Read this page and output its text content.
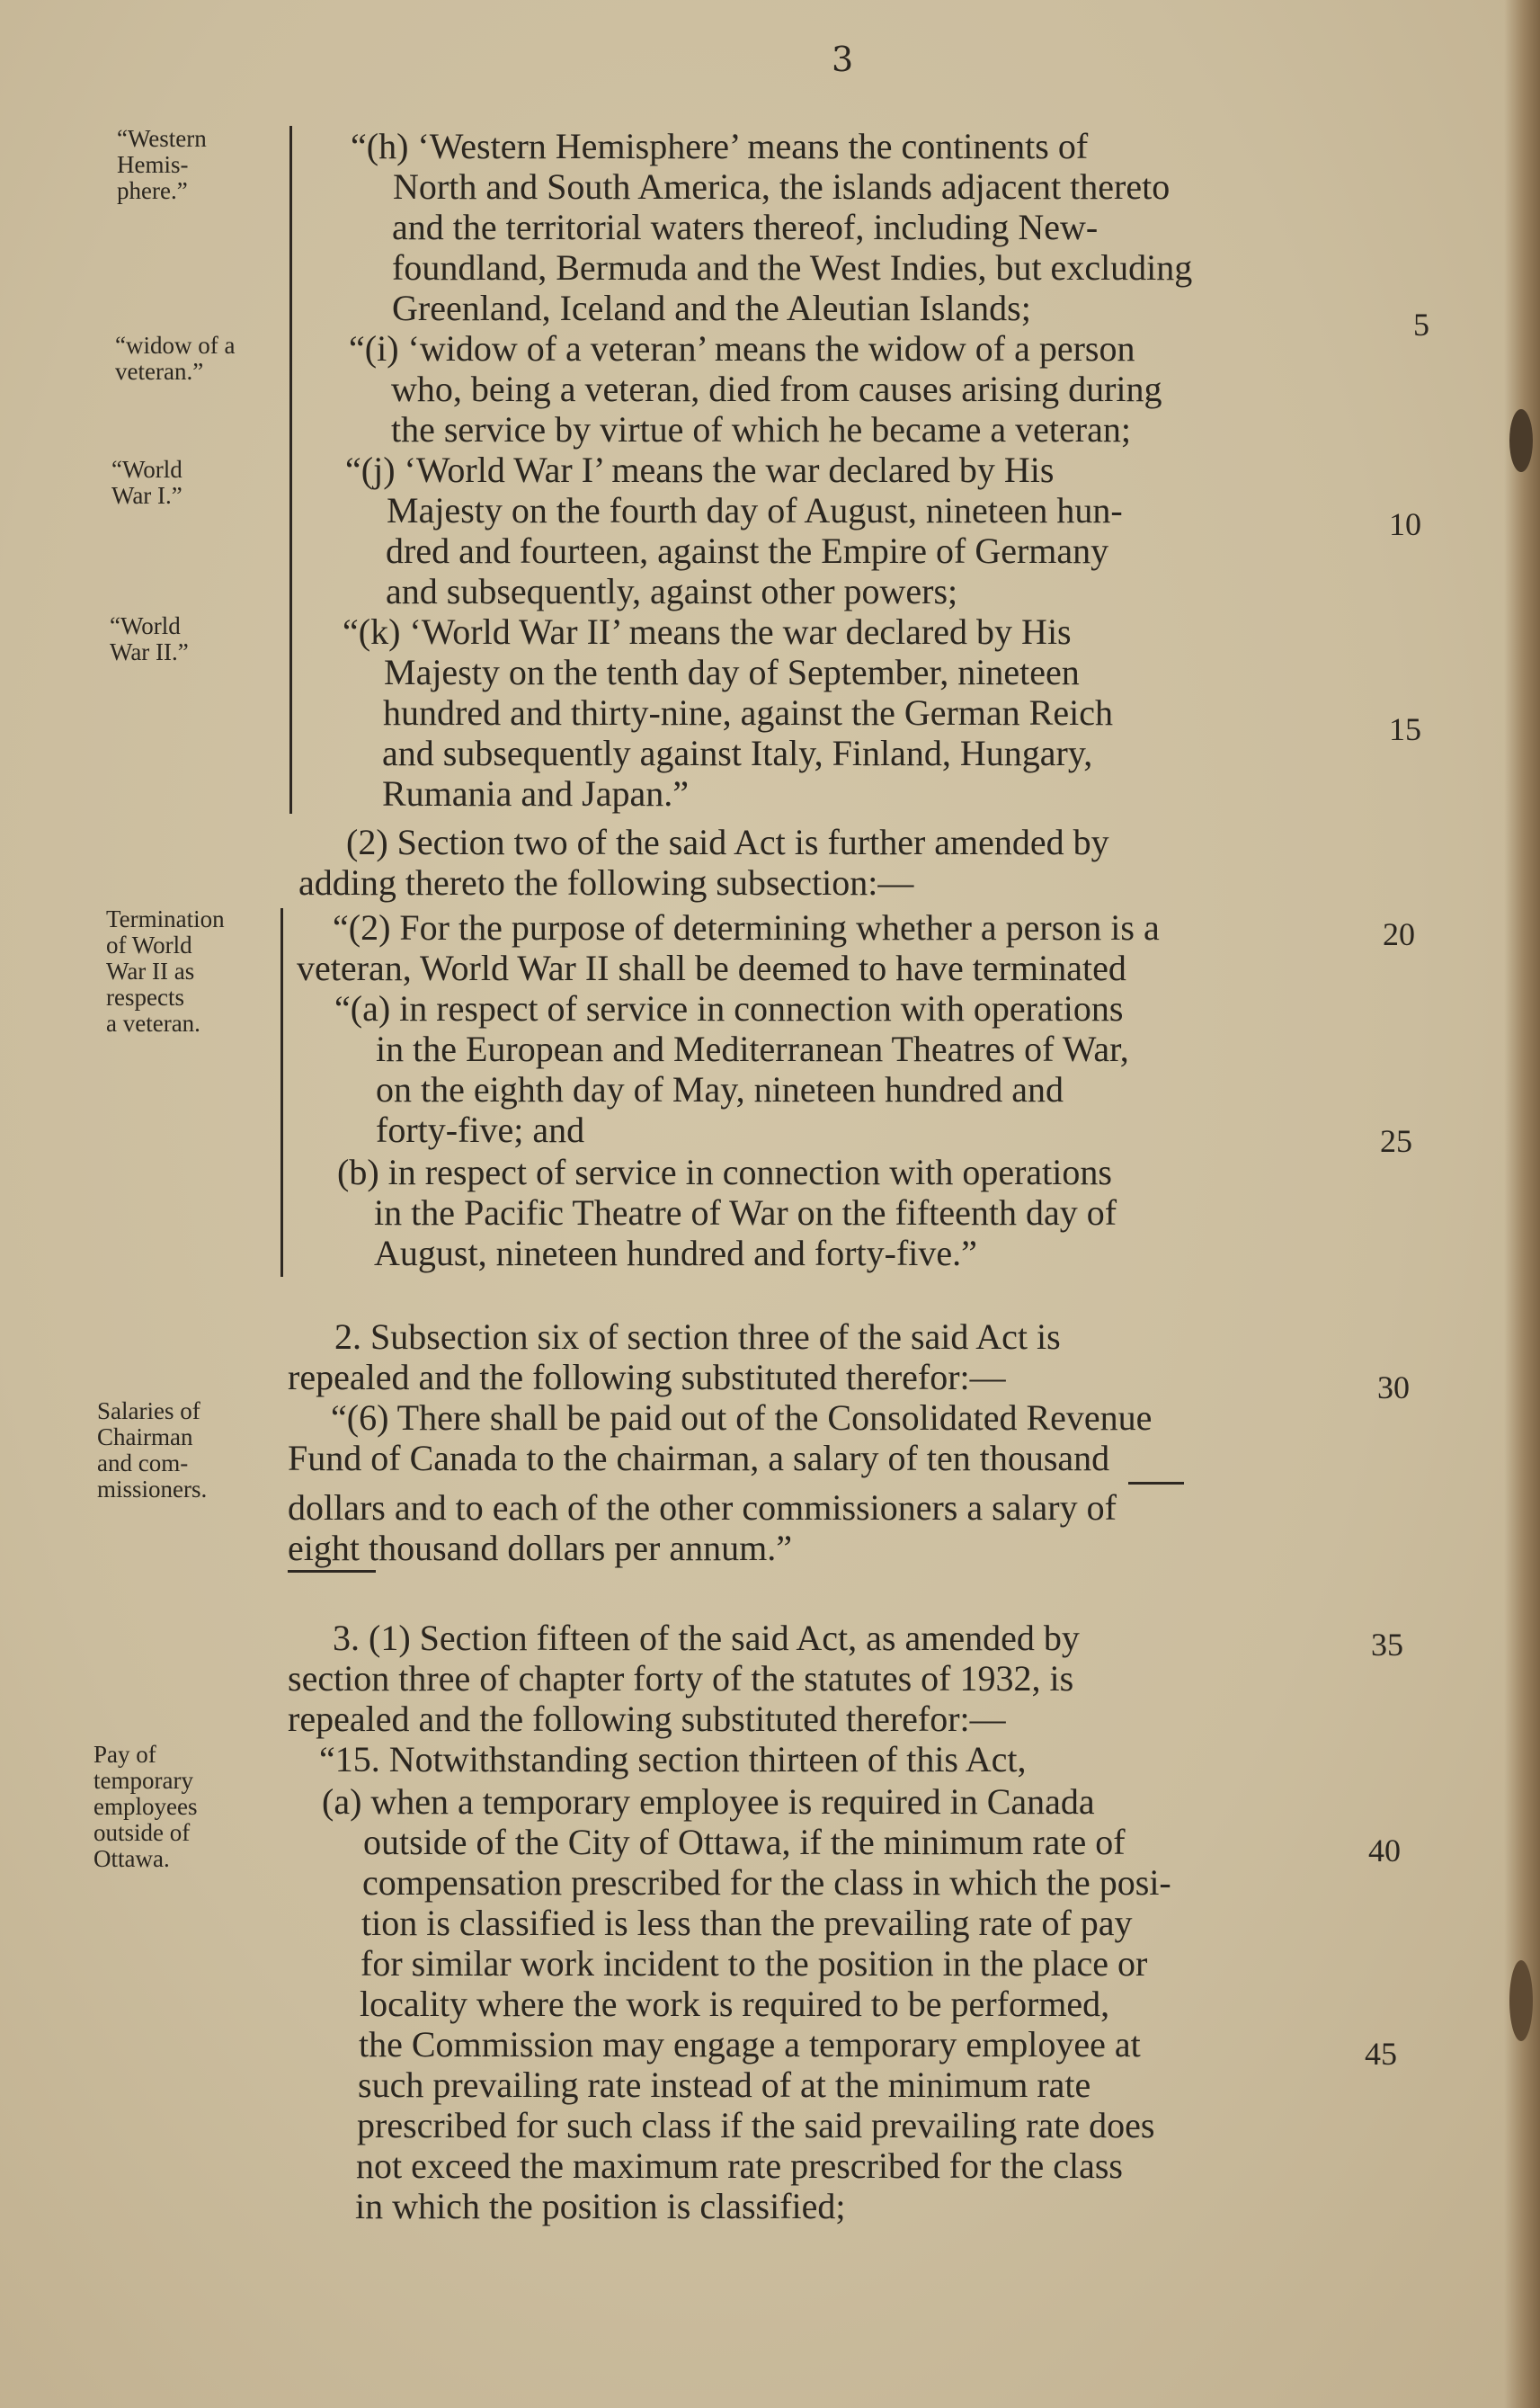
3
“Western
Hemis-
phere.”
“widow of a
veteran.”
“World
War I.”
“World
War II.”
Termination
of World
War II as
respects
a veteran.
Salaries of
Chairman
and com-
missioners.
Pay of
temporary
employees
outside of
Ottawa.
5
10
15
20
25
30
35
40
45
“(h) ‘Western Hemisphere’ means the continents of
North and South America, the islands adjacent thereto
and the territorial waters thereof, including New-
foundland, Bermuda and the West Indies, but excluding
Greenland, Iceland and the Aleutian Islands;
“(i) ‘widow of a veteran’ means the widow of a person
who, being a veteran, died from causes arising during
the service by virtue of which he became a veteran;
“(j) ‘World War I’ means the war declared by His
Majesty on the fourth day of August, nineteen hun-
dred and fourteen, against the Empire of Germany
and subsequently, against other powers;
“(k) ‘World War II’ means the war declared by His
Majesty on the tenth day of September, nineteen
hundred and thirty-nine, against the German Reich
and subsequently against Italy, Finland, Hungary,
Rumania and Japan.”
(2) Section two of the said Act is further amended by
adding thereto the following subsection:—
“(2) For the purpose of determining whether a person is a
veteran, World War II shall be deemed to have terminated
“(a) in respect of service in connection with operations
in the European and Mediterranean Theatres of War,
on the eighth day of May, nineteen hundred and
forty-five; and
(b) in respect of service in connection with operations
in the Pacific Theatre of War on the fifteenth day of
August, nineteen hundred and forty-five.”
2. Subsection six of section three of the said Act is
repealed and the following substituted therefor:—
“(6) There shall be paid out of the Consolidated Revenue
Fund of Canada to the chairman, a salary of ten thousand
dollars and to each of the other commissioners a salary of
eight thousand dollars per annum.”
3. (1) Section fifteen of the said Act, as amended by
section three of chapter forty of the statutes of 1932, is
repealed and the following substituted therefor:—
“15. Notwithstanding section thirteen of this Act,
(a) when a temporary employee is required in Canada
outside of the City of Ottawa, if the minimum rate of
compensation prescribed for the class in which the posi-
tion is classified is less than the prevailing rate of pay
for similar work incident to the position in the place or
locality where the work is required to be performed,
the Commission may engage a temporary employee at
such prevailing rate instead of at the minimum rate
prescribed for such class if the said prevailing rate does
not exceed the maximum rate prescribed for the class
in which the position is classified;
